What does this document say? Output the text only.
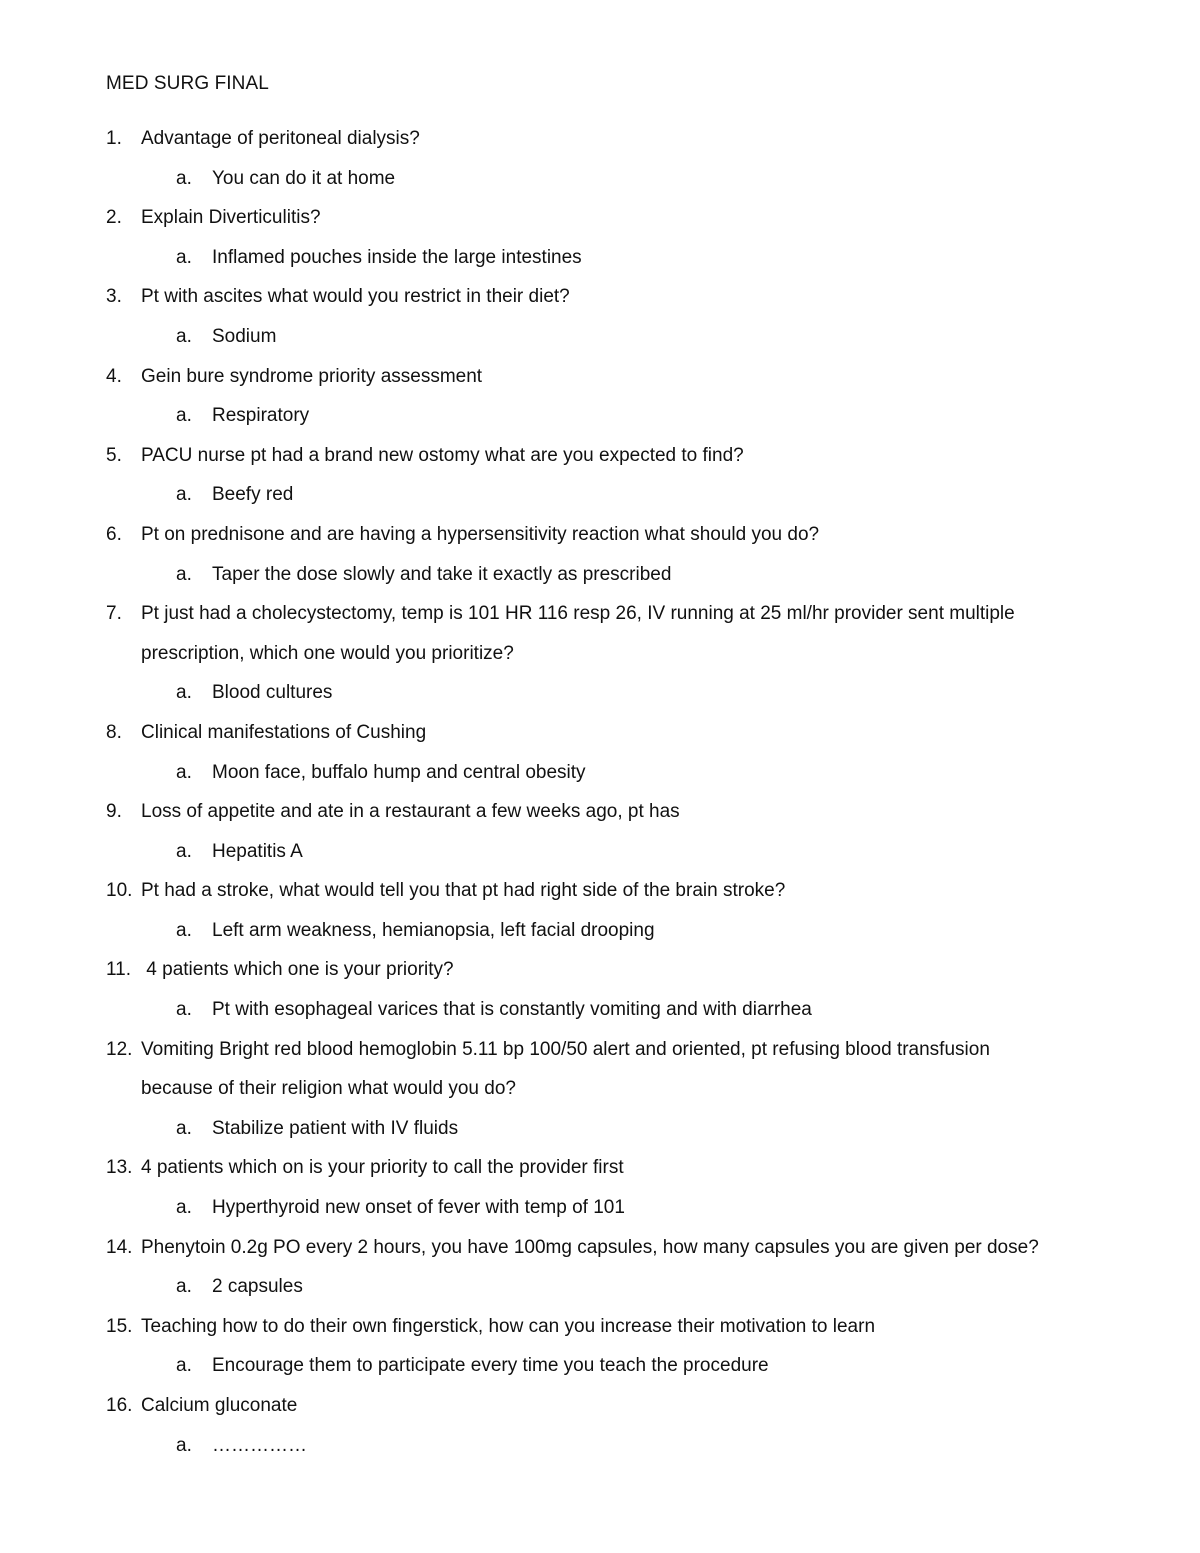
MED SURG FINAL
1. Advantage of peritoneal dialysis?
a. You can do it at home
2. Explain Diverticulitis?
a. Inflamed pouches inside the large intestines
3. Pt with ascites what would you restrict in their diet?
a. Sodium
4. Gein bure syndrome priority assessment
a. Respiratory
5. PACU nurse pt had a brand new ostomy what are you expected to find?
a. Beefy red
6. Pt on prednisone and are having a hypersensitivity reaction what should you do?
a. Taper the dose slowly and take it exactly as prescribed
7. Pt just had a cholecystectomy, temp is 101 HR 116 resp 26, IV running at 25 ml/hr provider sent multiple
prescription, which one would you prioritize?
a. Blood cultures
8. Clinical manifestations of Cushing
a. Moon face, buffalo hump and central obesity
9. Loss of appetite and ate in a restaurant a few weeks ago, pt has
a. Hepatitis A
10. Pt had a stroke, what would tell you that pt had right side of the brain stroke?
a. Left arm weakness, hemianopsia, left facial drooping
11. 4 patients which one is your priority?
a. Pt with esophageal varices that is constantly vomiting and with diarrhea
12. Vomiting Bright red blood hemoglobin 5.11 bp 100/50 alert and oriented, pt refusing blood transfusion
because of their religion what would you do?
a. Stabilize patient with IV fluids
13. 4 patients which on is your priority to call the provider first
a. Hyperthyroid new onset of fever with temp of 101
14. Phenytoin 0.2g PO every 2 hours, you have 100mg capsules, how many capsules you are given per dose?
a. 2 capsules
15. Teaching how to do their own fingerstick, how can you increase their motivation to learn
a. Encourage them to participate every time you teach the procedure
16. Calcium gluconate
a. ……………
